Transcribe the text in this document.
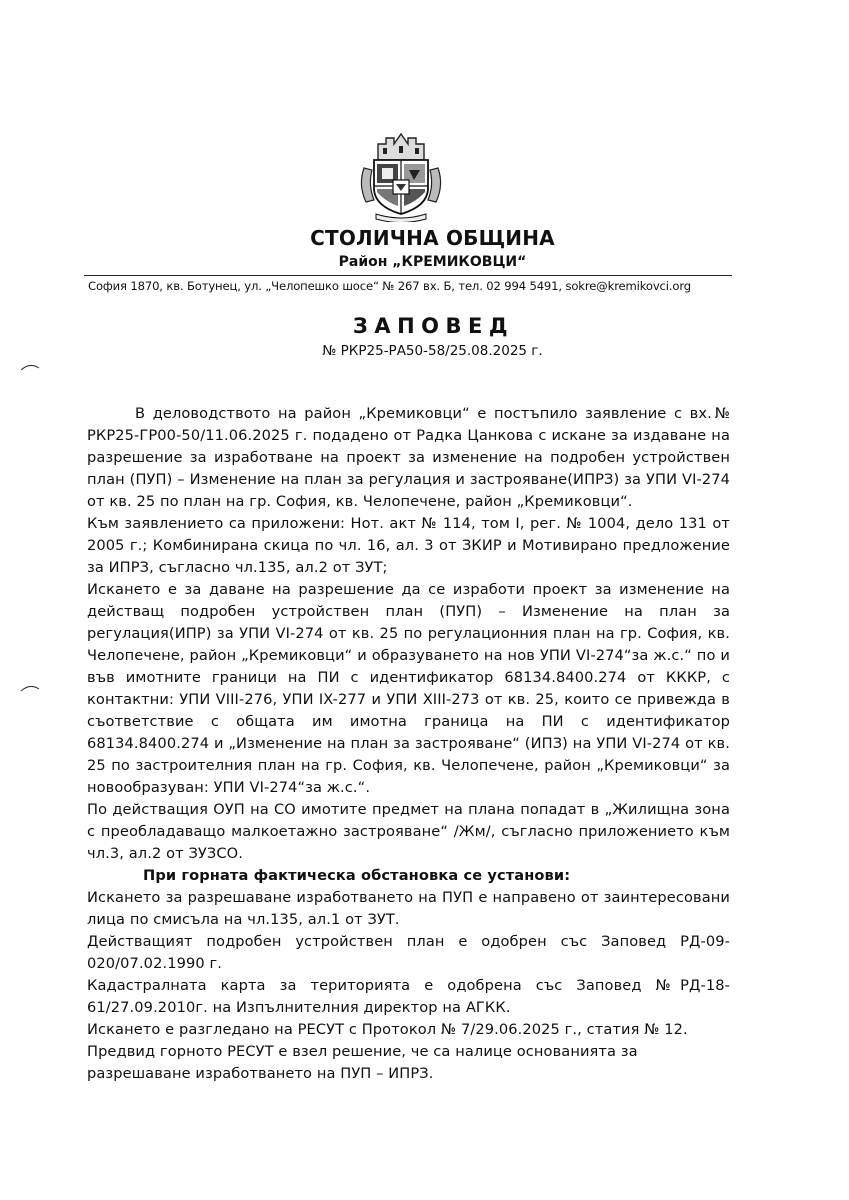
СТОЛИЧНА ОБЩИНА
Район „КРЕМИКОВЦИ“
София 1870, кв. Ботунец, ул. „Челопешко шосе“ № 267 вх. Б, тел. 02 994 5491, sokre@kremikovci.org
ЗАПОВЕД
№ РКР25-РА50-58/25.08.2025 г.

В деловодството на район „Кремиковци“ е постъпило заявление с вх.№ РКР25-ГР00-50/11.06.2025 г. подадено от Радка Цанкова с искане за издаване на разрешение за изработване на проект за изменение на подробен устройствен план (ПУП) – Изменение на план за регулация и застрояване(ИПРЗ) за УПИ VI-274 от кв. 25 по план на гр. София, кв. Челопечене, район „Кремиковци“.

Към заявлението са приложени: Нот. акт № 114, том I, рег. № 1004, дело 131 от 2005 г.; Комбинирана скица по чл. 16, ал. 3 от ЗКИР и Мотивирано предложение за ИПРЗ, съгласно чл.135, ал.2 от ЗУТ;

Искането е за даване на разрешение да се изработи проект за изменение на действащ подробен устройствен план (ПУП) – Изменение на план за регулация(ИПР) за УПИ VI-274 от кв. 25 по регулационния план на гр. София, кв. Челопечене, район „Кремиковци“ и образуването на нов УПИ VI-274“за ж.с.“ по и във имотните граници на ПИ с идентификатор 68134.8400.274 от КККР, с контактни: УПИ VIII-276, УПИ IX-277 и УПИ XIII-273 от кв. 25, които се привежда в съответствие с общата им имотна граница на ПИ с идентификатор 68134.8400.274 и „Изменение на план за застрояване“ (ИПЗ) на УПИ VI-274 от кв. 25 по застроителния план на гр. София, кв. Челопечене, район „Кремиковци“ за новообразуван: УПИ VI-274“за ж.с.“.

По действащия ОУП на СО имотите предмет на плана попадат в „Жилищна зона с преобладаващо малкоетажно застрояване“ /Жм/, съгласно приложението към чл.3, ал.2 от ЗУЗСО.

При горната фактическа обстановка се установи:

Искането за разрешаване изработването на ПУП е направено от заинтересовани лица по смисъла на чл.135, ал.1 от ЗУТ.

Действащият подробен устройствен план е одобрен със Заповед РД-09-020/07.02.1990 г.

Кадастралната карта за територията е одобрена със Заповед №РД-18-61/27.09.2010г. на Изпълнителния директор на АГКК.

Искането е разгледано на РЕСУТ с Протокол № 7/29.06.2025 г., статия № 12.

Предвид горното РЕСУТ е взел решение, че са налице основанията за разрешаване изработването на ПУП – ИПРЗ.
